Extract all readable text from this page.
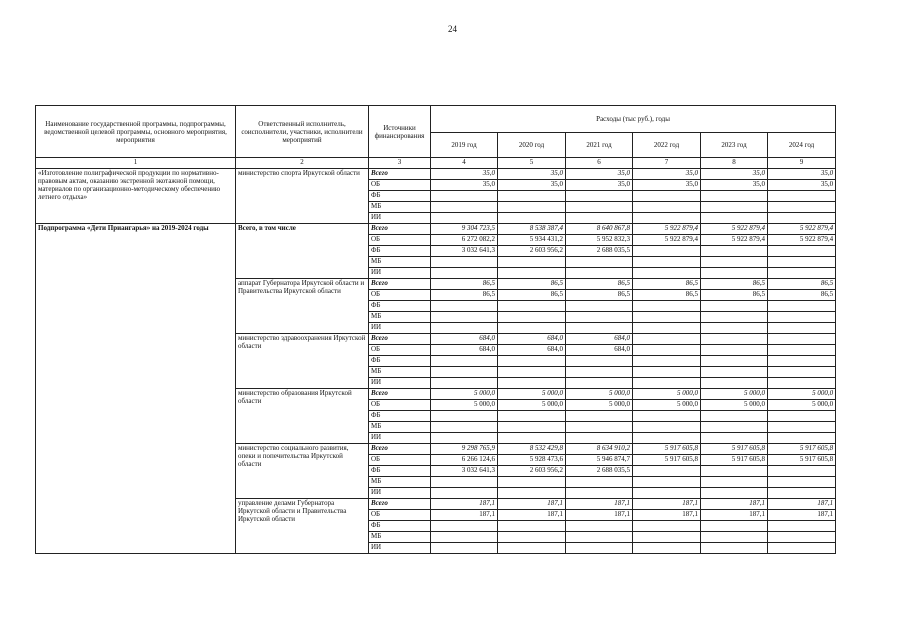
24
Наименование государственной программы, подпрограммы, ведомственной целевой программы, основного мероприятия, мероприятия	Ответственный исполнитель, соисполнители, участники, исполнители мероприятий	Источники финансирования	Расходы (тыс руб.), годы					
			2019 год	2020 год	2021 год	2022 год	2023 год	2024 год
1	2	3	4	5	6	7	8	9
«Изготовление полиграфической продукции по нормативно-правовым актам, оказанию экстренной экотажной помощи, материалов по организационно-методическому обеспечению летнего отдыха»	министерство спорта Иркутской области	Всего	35,0	35,0	35,0	35,0	35,0	35,0
		ОБ	35,0	35,0	35,0	35,0	35,0	35,0
		ФБ						
		МБ						
		ИИ						
Подпрограмма «Дети Приангарья» на 2019-2024 годы	Всего, в том числе	Всего	9 304 723,5	8 538 387,4	8 640 867,8	5 922 879,4	5 922 879,4	5 922 879,4
		ОБ	6 272 082,2	5 934 431,2	5 952 832,3	5 922 879,4	5 922 879,4	5 922 879,4
		ФБ	3 032 641,3	2 603 956,2	2 688 035,5			
		МБ						
		ИИ						
	аппарат Губернатора Иркутской области и Правительства Иркутской области	Всего	86,5	86,5	86,5	86,5	86,5	86,5
		ОБ	86,5	86,5	86,5	86,5	86,5	86,5
		ФБ						
		МБ						
		ИИ						
	министерство здравоохранения Иркутской области	Всего	684,0	684,0	684,0			
		ОБ	684,0	684,0	684,0			
		ФБ						
		МБ						
		ИИ						
	министерство образования Иркутской области	Всего	5 000,0	5 000,0	5 000,0	5 000,0	5 000,0	5 000,0
		ОБ	5 000,0	5 000,0	5 000,0	5 000,0	5 000,0	5 000,0
		ФБ						
		МБ						
		ИИ						
	министерство социального развития, опеки и попечительства Иркутской области	Всего	9 298 765,9	8 532 429,8	8 634 910,2	5 917 605,8	5 917 605,8	5 917 605,8
		ОБ	6 266 124,6	5 928 473,6	5 946 874,7	5 917 605,8	5 917 605,8	5 917 605,8
		ФБ	3 032 641,3	2 603 956,2	2 688 035,5			
		МБ						
		ИИ						
	управление делами Губернатора Иркутской области и Правительства Иркутской области	Всего	187,1	187,1	187,1	187,1	187,1	187,1
		ОБ	187,1	187,1	187,1	187,1	187,1	187,1
		ФБ						
		МБ						
		ИИ						
